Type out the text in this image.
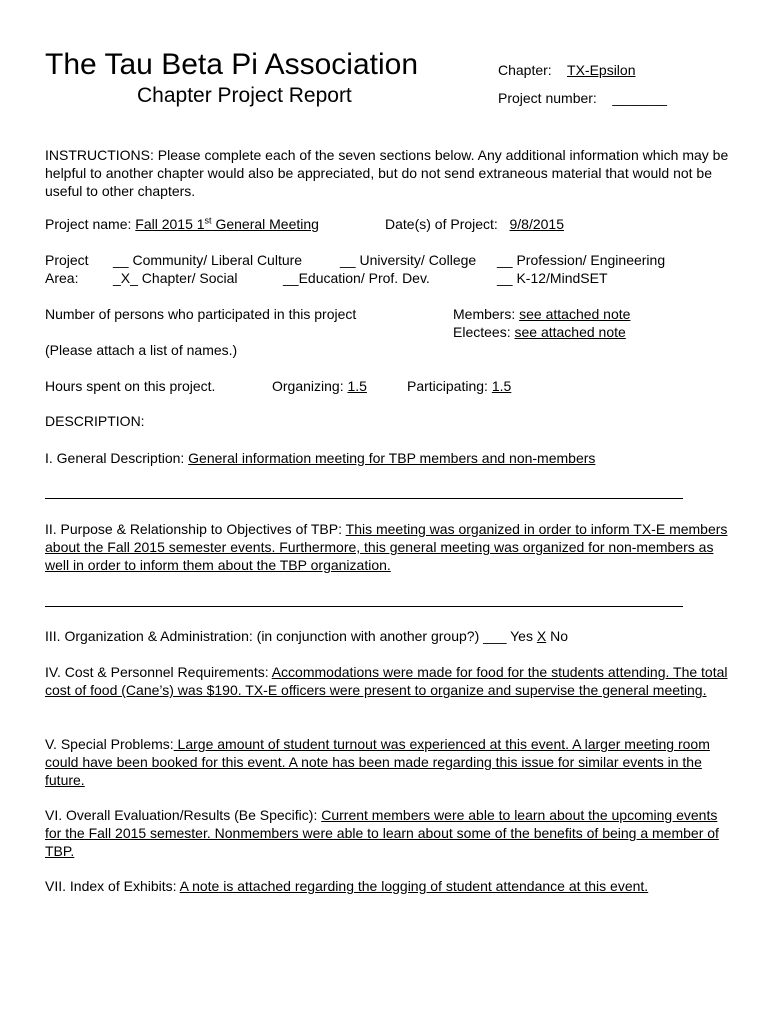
The Tau Beta Pi Association
Chapter Project Report
Chapter: TX-Epsilon
Project number: _______
INSTRUCTIONS: Please complete each of the seven sections below. Any additional information which may be helpful to another chapter would also be appreciated, but do not send extraneous material that would not be useful to other chapters.
Project name: Fall 2015 1st General Meeting	Date(s) of Project: 9/8/2015
Project
Area:
__ Community/ Liberal Culture	__ University/ College __ Profession/ Engineering
_X_ Chapter/ Social	__Education/ Prof. Dev.	__ K-12/MindSET
Number of persons who participated in this project	Members: see attached note
Electees: see attached note
(Please attach a list of names.)
Hours spent on this project.	Organizing: 1.5	Participating: 1.5
DESCRIPTION:
I. General Description: General information meeting for TBP members and non-members
II. Purpose & Relationship to Objectives of TBP: This meeting was organized in order to inform TX-E members about the Fall 2015 semester events. Furthermore, this general meeting was organized for non-members as well in order to inform them about the TBP organization.
III. Organization & Administration: (in conjunction with another group?) ___ Yes X No
IV. Cost & Personnel Requirements: Accommodations were made for food for the students attending. The total cost of food (Cane’s) was $190. TX-E officers were present to organize and supervise the general meeting.
V. Special Problems: Large amount of student turnout was experienced at this event. A larger meeting room could have been booked for this event. A note has been made regarding this issue for similar events in the future.
VI. Overall Evaluation/Results (Be Specific): Current members were able to learn about the upcoming events for the Fall 2015 semester. Nonmembers were able to learn about some of the benefits of being a member of TBP.
VII. Index of Exhibits: A note is attached regarding the logging of student attendance at this event.
